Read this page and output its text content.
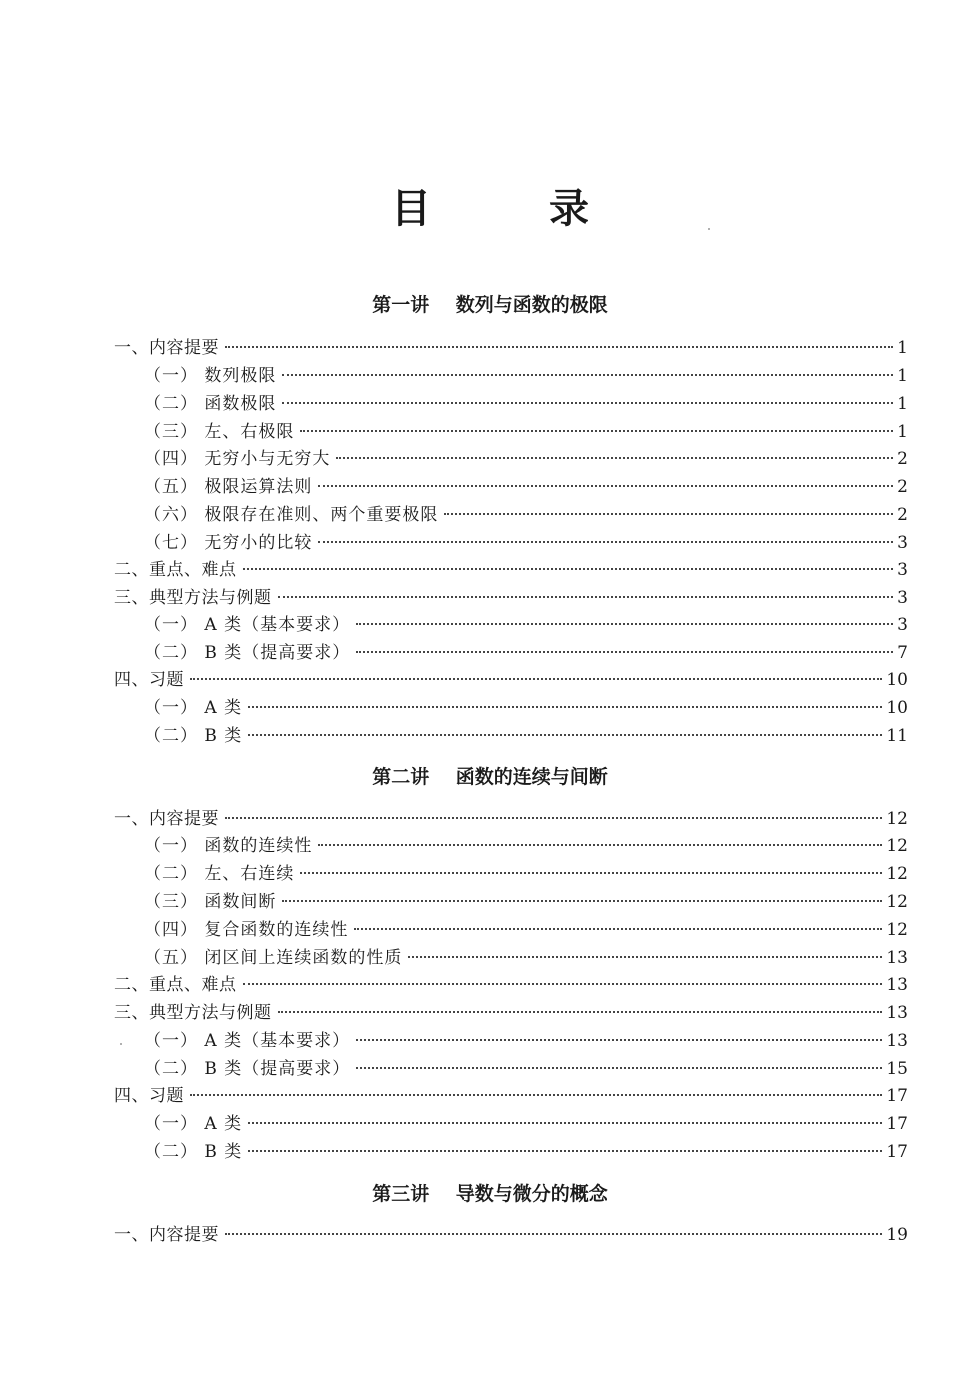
目 录
第一讲    数列与函数的极限
一、内容提要	1
（一） 数列极限	1
（二） 函数极限	1
（三） 左、右极限	1
（四） 无穷小与无穷大	2
（五） 极限运算法则	2
（六） 极限存在准则、两个重要极限	2
（七） 无穷小的比较	3
二、重点、难点	3
三、典型方法与例题	3
（一） A 类（基本要求）	3
（二） B 类（提高要求）	7
四、习题	10
（一） A 类	10
（二） B 类	11
第二讲    函数的连续与间断
一、内容提要	12
（一） 函数的连续性	12
（二） 左、右连续	12
（三） 函数间断	12
（四） 复合函数的连续性	12
（五） 闭区间上连续函数的性质	13
二、重点、难点	13
三、典型方法与例题	13
（一） A 类（基本要求）	13
（二） B 类（提高要求）	15
四、习题	17
（一） A 类	17
（二） B 类	17
第三讲    导数与微分的概念
一、内容提要	19
